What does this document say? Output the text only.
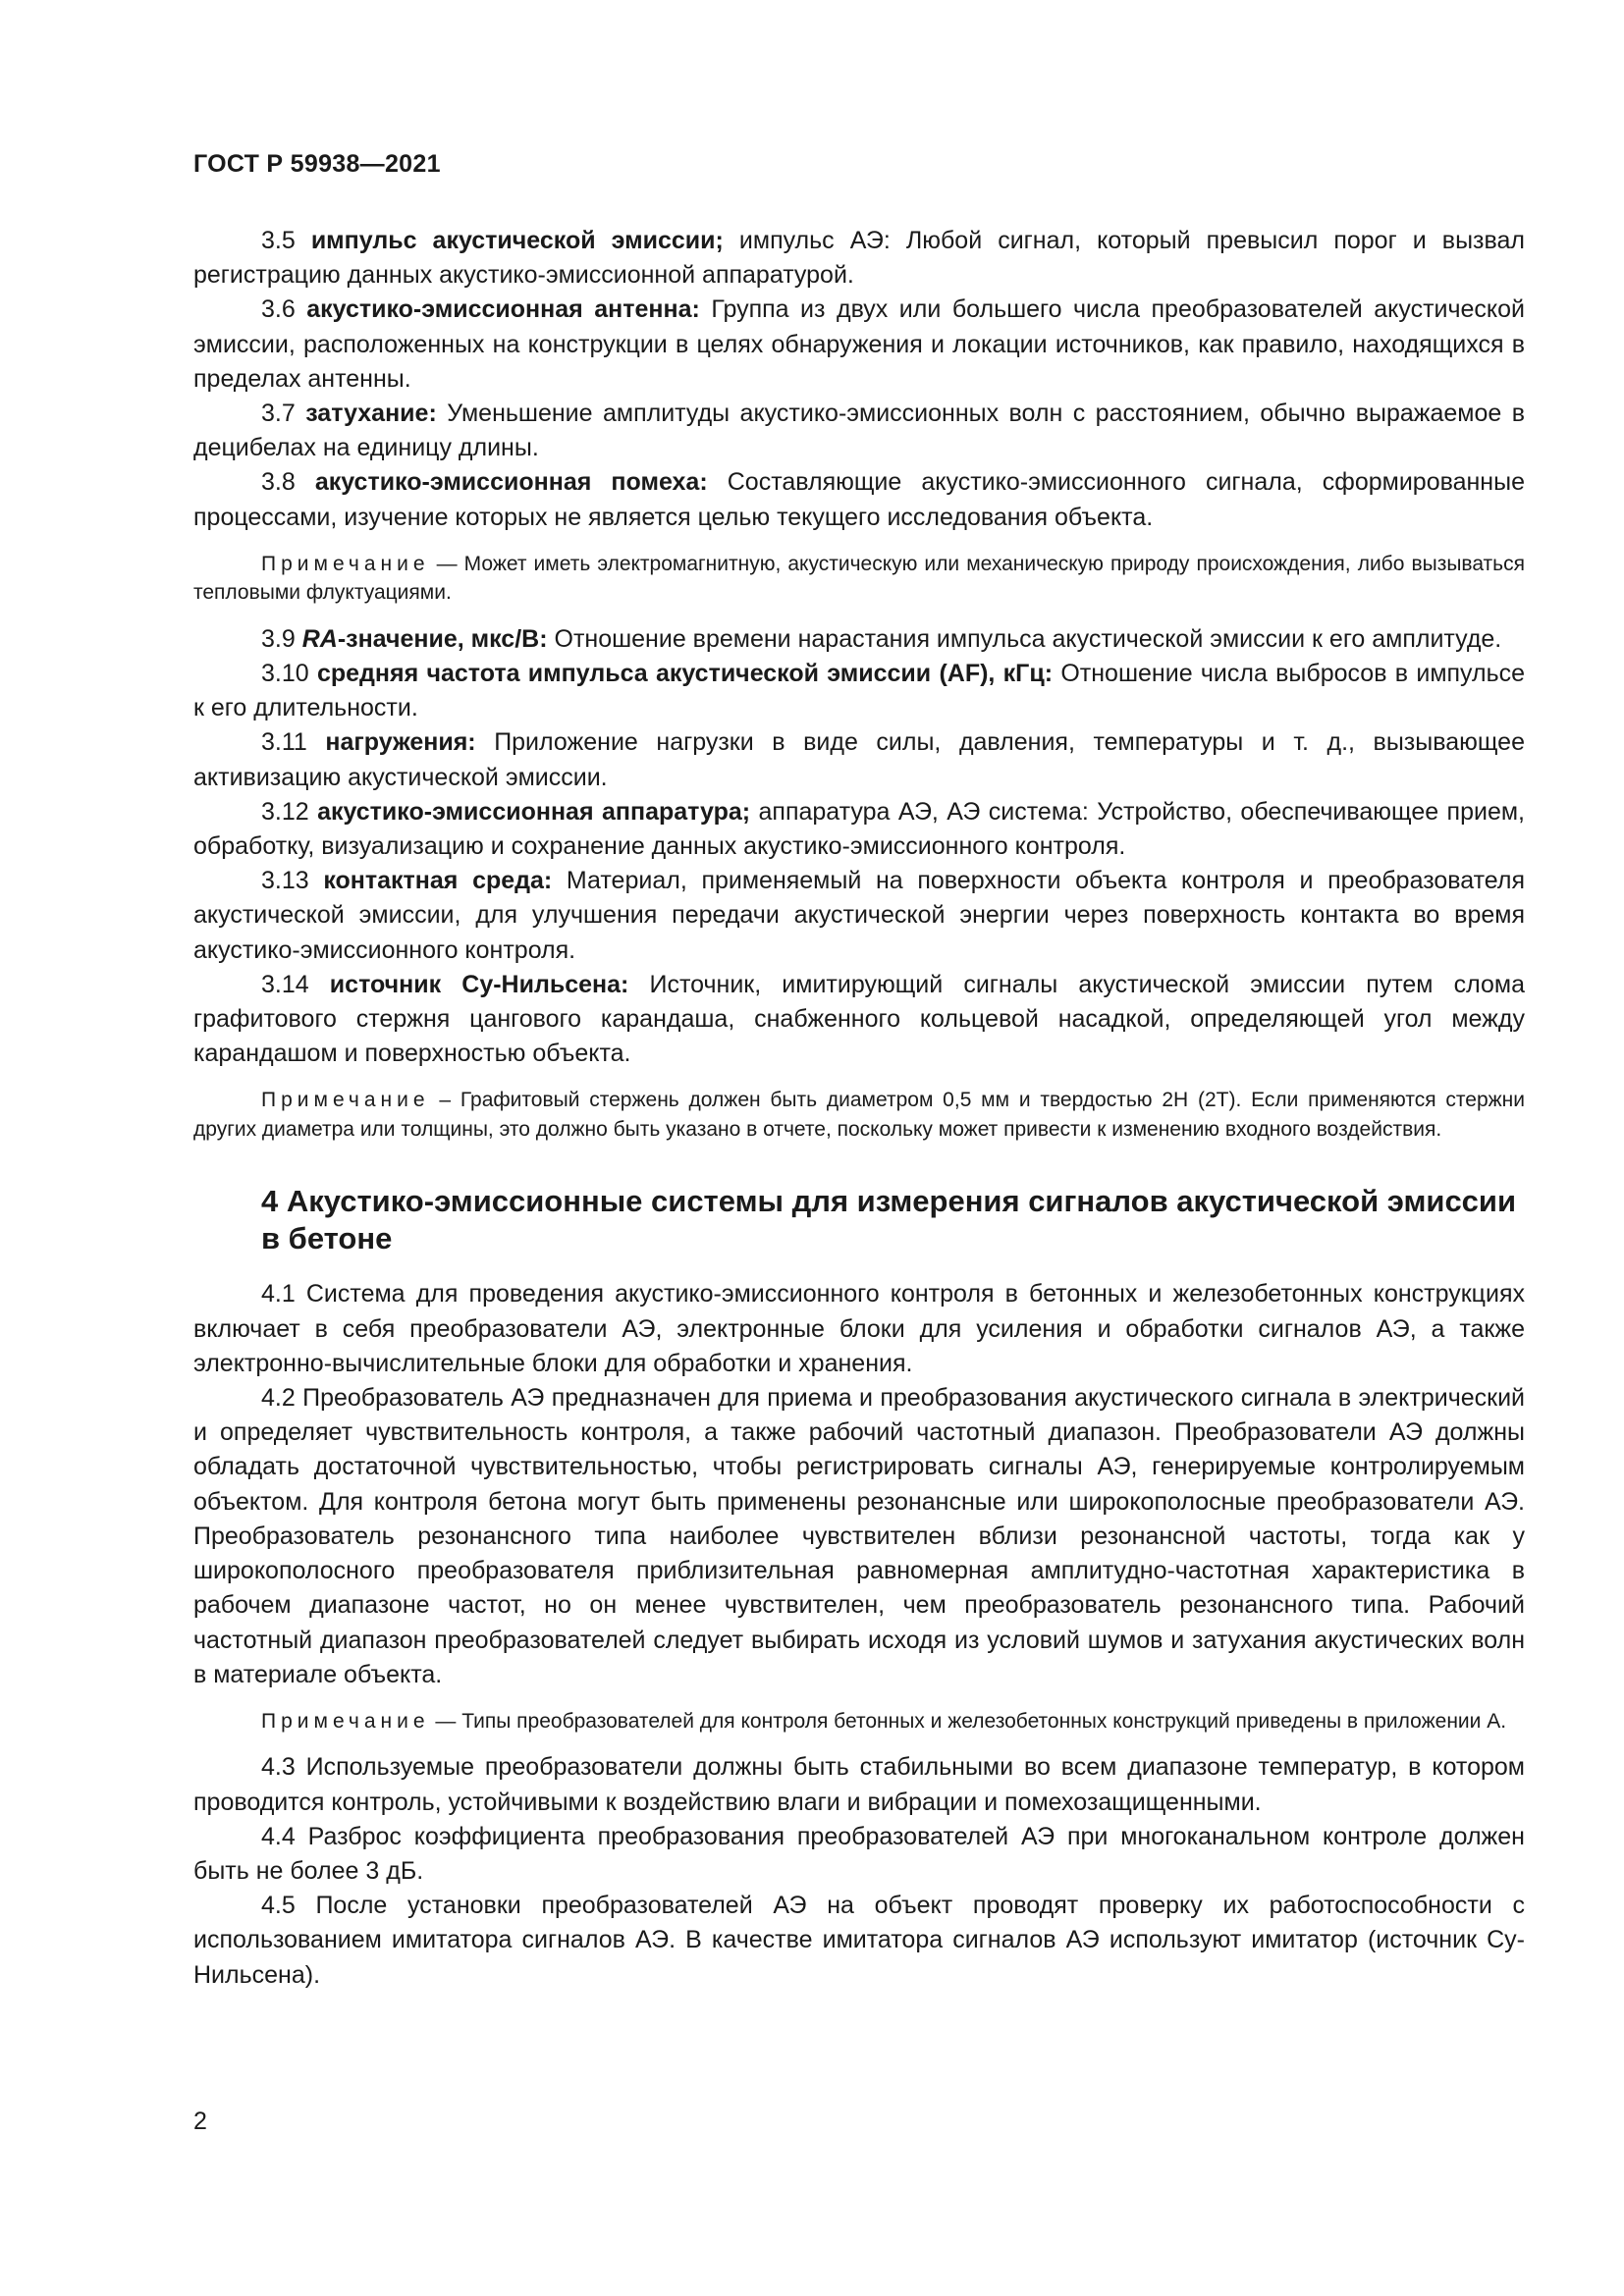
ГОСТ Р 59938—2021

3.5 импульс акустической эмиссии; импульс АЭ: Любой сигнал, который превысил порог и вызвал регистрацию данных акустико-эмиссионной аппаратурой.

3.6 акустико-эмиссионная антенна: Группа из двух или большего числа преобразователей акустической эмиссии, расположенных на конструкции в целях обнаружения и локации источников, как правило, находящихся в пределах антенны.

3.7 затухание: Уменьшение амплитуды акустико-эмиссионных волн с расстоянием, обычно выражаемое в децибелах на единицу длины.

3.8 акустико-эмиссионная помеха: Составляющие акустико-эмиссионного сигнала, сформированные процессами, изучение которых не является целью текущего исследования объекта.

Примечание — Может иметь электромагнитную, акустическую или механическую природу происхождения, либо вызываться тепловыми флуктуациями.

3.9 RA-значение, мкс/В: Отношение времени нарастания импульса акустической эмиссии к его амплитуде.

3.10 средняя частота импульса акустической эмиссии (AF), кГц: Отношение числа выбросов в импульсе к его длительности.

3.11 нагружения: Приложение нагрузки в виде силы, давления, температуры и т. д., вызывающее активизацию акустической эмиссии.

3.12 акустико-эмиссионная аппаратура; аппаратура АЭ, АЭ система: Устройство, обеспечивающее прием, обработку, визуализацию и сохранение данных акустико-эмиссионного контроля.

3.13 контактная среда: Материал, применяемый на поверхности объекта контроля и преобразователя акустической эмиссии, для улучшения передачи акустической энергии через поверхность контакта во время акустико-эмиссионного контроля.

3.14 источник Су-Нильсена: Источник, имитирующий сигналы акустической эмиссии путем слома графитового стержня цангового карандаша, снабженного кольцевой насадкой, определяющей угол между карандашом и поверхностью объекта.

Примечание – Графитовый стержень должен быть диаметром 0,5 мм и твердостью 2Н (2Т). Если применяются стержни других диаметра или толщины, это должно быть указано в отчете, поскольку может привести к изменению входного воздействия.

4 Акустико-эмиссионные системы для измерения сигналов акустической эмиссии в бетоне

4.1 Система для проведения акустико-эмиссионного контроля в бетонных и железобетонных конструкциях включает в себя преобразователи АЭ, электронные блоки для усиления и обработки сигналов АЭ, а также электронно-вычислительные блоки для обработки и хранения.

4.2 Преобразователь АЭ предназначен для приема и преобразования акустического сигнала в электрический и определяет чувствительность контроля, а также рабочий частотный диапазон. Преобразователи АЭ должны обладать достаточной чувствительностью, чтобы регистрировать сигналы АЭ, генерируемые контролируемым объектом. Для контроля бетона могут быть применены резонансные или широкополосные преобразователи АЭ. Преобразователь резонансного типа наиболее чувствителен вблизи резонансной частоты, тогда как у широкополосного преобразователя приблизительная равномерная амплитудно-частотная характеристика в рабочем диапазоне частот, но он менее чувствителен, чем преобразователь резонансного типа. Рабочий частотный диапазон преобразователей следует выбирать исходя из условий шумов и затухания акустических волн в материале объекта.

Примечание — Типы преобразователей для контроля бетонных и железобетонных конструкций приведены в приложении А.

4.3 Используемые преобразователи должны быть стабильными во всем диапазоне температур, в котором проводится контроль, устойчивыми к воздействию влаги и вибрации и помехозащищенными.

4.4 Разброс коэффициента преобразования преобразователей АЭ при многоканальном контроле должен быть не более 3 дБ.

4.5 После установки преобразователей АЭ на объект проводят проверку их работоспособности с использованием имитатора сигналов АЭ. В качестве имитатора сигналов АЭ используют имитатор (источник Су-Нильсена).

2
